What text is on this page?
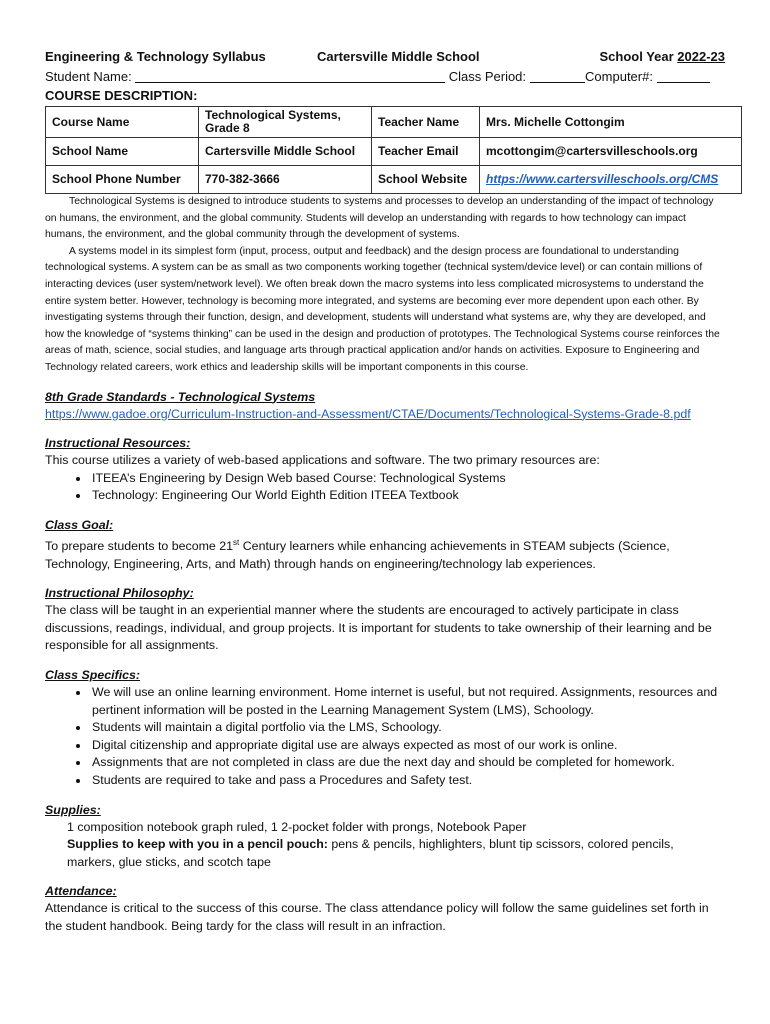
Engineering & Technology Syllabus	Cartersville Middle School	School Year 2022-23
Student Name:	Class Period:	Computer#:
COURSE DESCRIPTION:
Course Name	Technological Systems, Grade 8	Teacher Name	Mrs. Michelle Cottongim
School Name	Cartersville Middle School	Teacher Email	mcottongim@cartersvilleschools.org
School Phone Number	770-382-3666	School Website	https://www.cartersvilleschools.org/CMS

Technological Systems is designed to introduce students to systems and processes to develop an understanding of the impact of technology on humans, the environment, and the global community. Students will develop an understanding with regards to how technology can impact humans, the environment, and the global community through the development of systems.

A systems model in its simplest form (input, process, output and feedback) and the design process are foundational to understanding technological systems. A system can be as small as two components working together (technical system/device level) or can contain millions of interacting devices (user system/network level). We often break down the macro systems into less complicated microsystems to understand the entire system better. However, technology is becoming more integrated, and systems are becoming ever more dependent upon each other. By investigating systems through their function, design, and development, students will understand what systems are, why they are developed, and how the knowledge of “systems thinking” can be used in the design and production of prototypes. The Technological Systems course reinforces the areas of math, science, social studies, and language arts through practical application and/or hands on activities. Exposure to Engineering and Technology related careers, work ethics and leadership skills will be important components in this course.

8th Grade Standards - Technological Systems

https://www.gadoe.org/Curriculum-Instruction-and-Assessment/CTAE/Documents/Technological-Systems-Grade-8.pdf

Instructional Resources:

This course utilizes a variety of web-based applications and software. The two primary resources are:

• ITEEA’s Engineering by Design Web based Course: Technological Systems
• Technology: Engineering Our World Eighth Edition ITEEA Textbook

Class Goal:

To prepare students to become 21st Century learners while enhancing achievements in STEAM subjects (Science, Technology, Engineering, Arts, and Math) through hands on engineering/technology lab experiences.

Instructional Philosophy:

The class will be taught in an experiential manner where the students are encouraged to actively participate in class discussions, readings, individual, and group projects. It is important for students to take ownership of their learning and be responsible for all assignments.

Class Specifics:

• We will use an online learning environment. Home internet is useful, but not required. Assignments, resources and pertinent information will be posted in the Learning Management System (LMS), Schoology.
• Students will maintain a digital portfolio via the LMS, Schoology.
• Digital citizenship and appropriate digital use are always expected as most of our work is online.
• Assignments that are not completed in class are due the next day and should be completed for homework.
• Students are required to take and pass a Procedures and Safety test.

Supplies:

1 composition notebook graph ruled, 1 2-pocket folder with prongs, Notebook Paper

Supplies to keep with you in a pencil pouch: pens & pencils, highlighters, blunt tip scissors, colored pencils, markers, glue sticks, and scotch tape

Attendance:

Attendance is critical to the success of this course. The class attendance policy will follow the same guidelines set forth in the student handbook. Being tardy for the class will result in an infraction.
